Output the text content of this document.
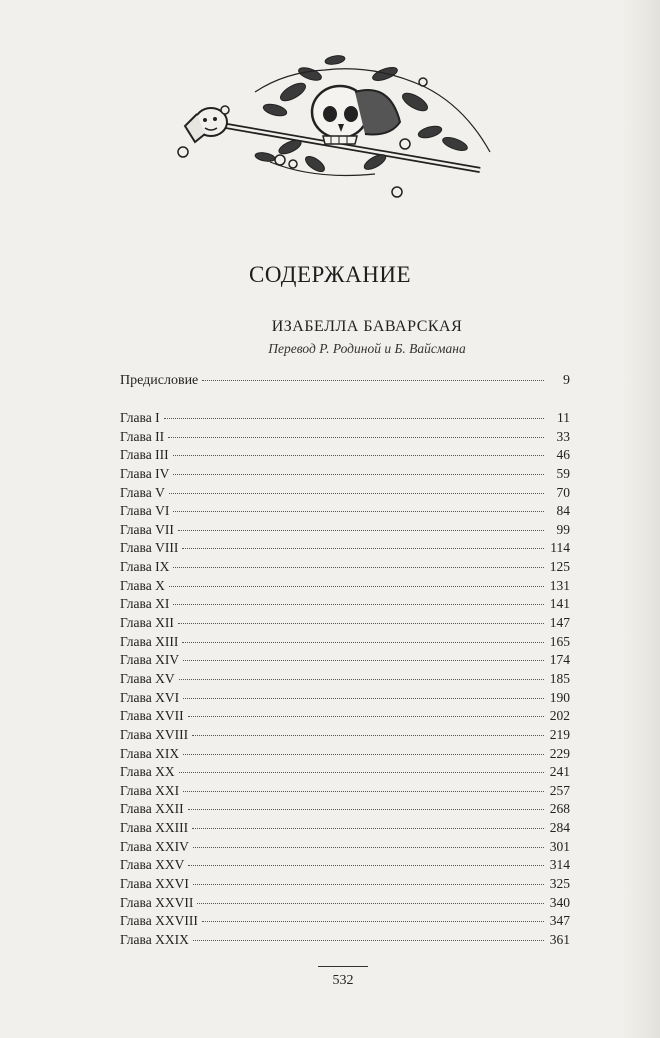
СОДЕРЖАНИЕ
ИЗАБЕЛЛА БАВАРСКАЯ
Перевод Р. Родиной и Б. Вайсмана
Предисловие	9
Глава I	11
Глава II	33
Глава III	46
Глава IV	59
Глава V	70
Глава VI	84
Глава VII	99
Глава VIII	114
Глава IX	125
Глава X	131
Глава XI	141
Глава XII	147
Глава XIII	165
Глава XIV	174
Глава XV	185
Глава XVI	190
Глава XVII	202
Глава XVIII	219
Глава XIX	229
Глава XX	241
Глава XXI	257
Глава XXII	268
Глава XXIII	284
Глава XXIV	301
Глава XXV	314
Глава XXVI	325
Глава XXVII	340
Глава XXVIII	347
Глава XXIX	361
532
